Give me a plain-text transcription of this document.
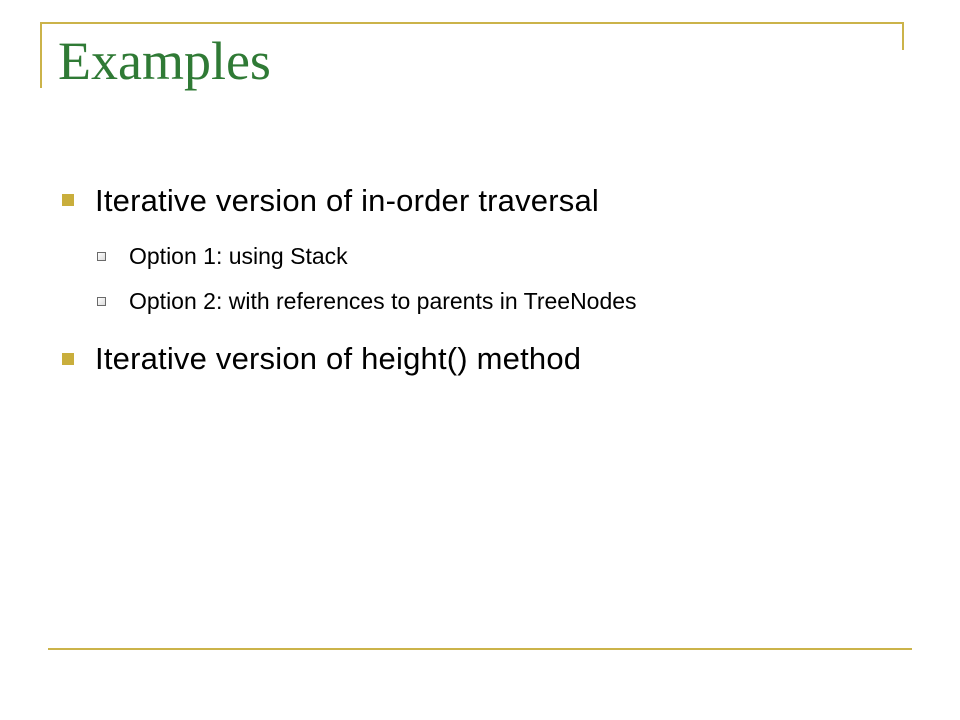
Examples
Iterative version of in-order traversal
Option 1: using Stack
Option 2: with references to parents in TreeNodes
Iterative version of height() method
